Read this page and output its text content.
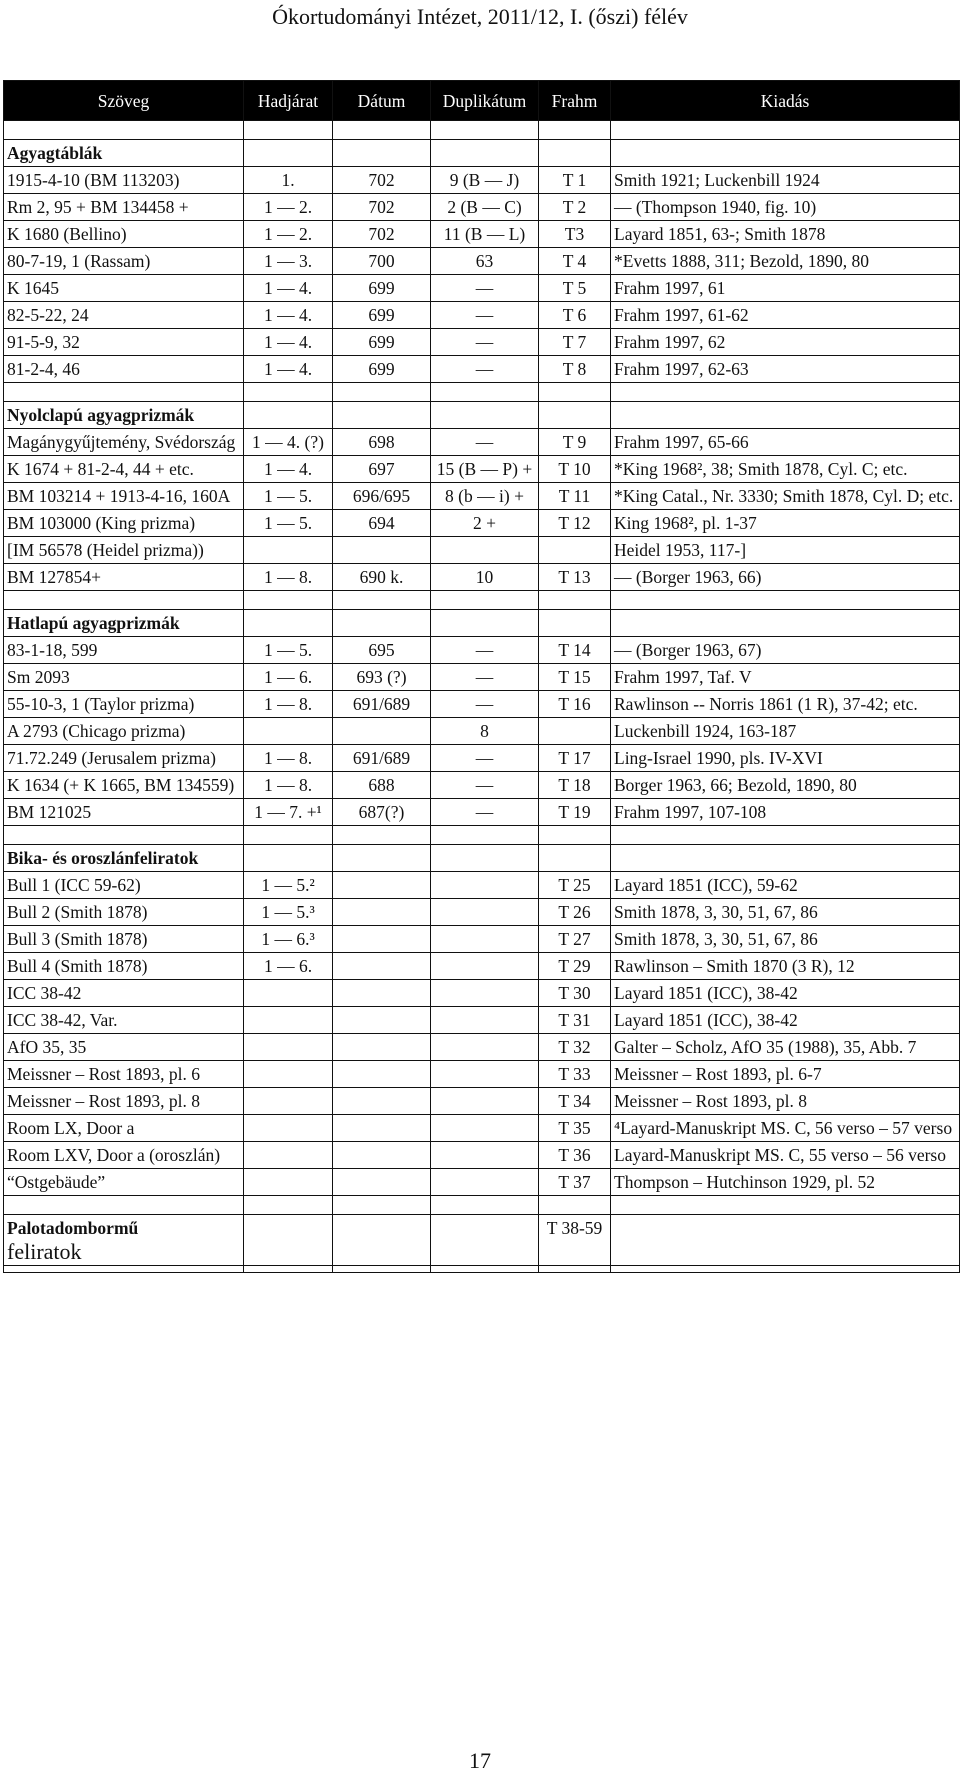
Ókortudományi Intézet, 2011/12, I. (őszi) félév
Szöveg	Hadjárat	Dátum	Duplikátum	Frahm	Kiadás

Agyagtáblák					
1915-4-10 (BM 113203)	1.	702	9 (B — J)	T 1	Smith 1921; Luckenbill 1924
Rm 2, 95 + BM 134458 +	1 — 2.	702	2 (B — C)	T 2	— (Thompson 1940, fig. 10)
K 1680 (Bellino)	1 — 2.	702	11 (B — L)	T3	Layard 1851, 63-; Smith 1878
80-7-19, 1 (Rassam)	1 — 3.	700	63	T 4	*Evetts 1888, 311; Bezold, 1890, 80
K 1645	1 — 4.	699	—	T 5	Frahm 1997, 61
82-5-22, 24	1 — 4.	699	—	T 6	Frahm 1997, 61-62
91-5-9, 32	1 — 4.	699	—	T 7	Frahm 1997, 62
81-2-4, 46	1 — 4.	699	—	T 8	Frahm 1997, 62-63

Nyolclapú agyagprizmák					
Magánygyűjtemény, Svédország	1 — 4. (?)	698	—	T 9	Frahm 1997, 65-66
K 1674 + 81-2-4, 44 + etc.	1 — 4.	697	15 (B — P) +	T 10	*King 1968², 38; Smith 1878, Cyl. C; etc.
BM 103214 + 1913-4-16, 160A	1 — 5.	696/695	8 (b — i) +	T 11	*King Catal., Nr. 3330; Smith 1878, Cyl. D; etc.
BM 103000 (King prizma)	1 — 5.	694	2 +	T 12	King 1968², pl. 1-37
[IM 56578 (Heidel prizma))					Heidel 1953, 117-]
BM 127854+	1 — 8.	690 k.	10	T 13	— (Borger 1963, 66)

Hatlapú agyagprizmák					
83-1-18, 599	1 — 5.	695	—	T 14	— (Borger 1963, 67)
Sm 2093	1 — 6.	693 (?)	—	T 15	Frahm 1997, Taf. V
55-10-3, 1 (Taylor prizma)	1 — 8.	691/689	—	T 16	Rawlinson -- Norris 1861 (1 R), 37-42; etc.
A 2793 (Chicago prizma)			8		Luckenbill 1924, 163-187
71.72.249 (Jerusalem prizma)	1 — 8.	691/689	—	T 17	Ling-Israel 1990, pls. IV-XVI
K 1634 (+ K 1665, BM 134559)	1 — 8.	688	—	T 18	Borger 1963, 66; Bezold, 1890, 80
BM 121025	1 — 7. +¹	687(?)	—	T 19	Frahm 1997, 107-108

Bika- és oroszlánfeliratok					
Bull 1 (ICC 59-62)	1 — 5.²			T 25	Layard 1851 (ICC), 59-62
Bull 2 (Smith 1878)	1 — 5.³			T 26	Smith 1878, 3, 30, 51, 67, 86
Bull 3 (Smith 1878)	1 — 6.³			T 27	Smith 1878, 3, 30, 51, 67, 86
Bull 4 (Smith 1878)	1 — 6.			T 29	Rawlinson – Smith 1870 (3 R), 12
ICC 38-42				T 30	Layard 1851 (ICC), 38-42
ICC 38-42, Var.				T 31	Layard 1851 (ICC), 38-42
AfO 35, 35				T 32	Galter – Scholz, AfO 35 (1988), 35, Abb. 7
Meissner – Rost 1893, pl. 6				T 33	Meissner – Rost 1893, pl. 6-7
Meissner – Rost 1893, pl. 8				T 34	Meissner – Rost 1893, pl. 8
Room LX, Door a				T 35	⁴Layard-Manuskript MS. C, 56 verso – 57 verso
Room LXV, Door a (oroszlán)				T 36	Layard-Manuskript MS. C, 55 verso – 56 verso
“Ostgebäude”				T 37	Thompson – Hutchinson 1929, pl. 52

Palotadombormű
feliratok				T 38-59	

17
